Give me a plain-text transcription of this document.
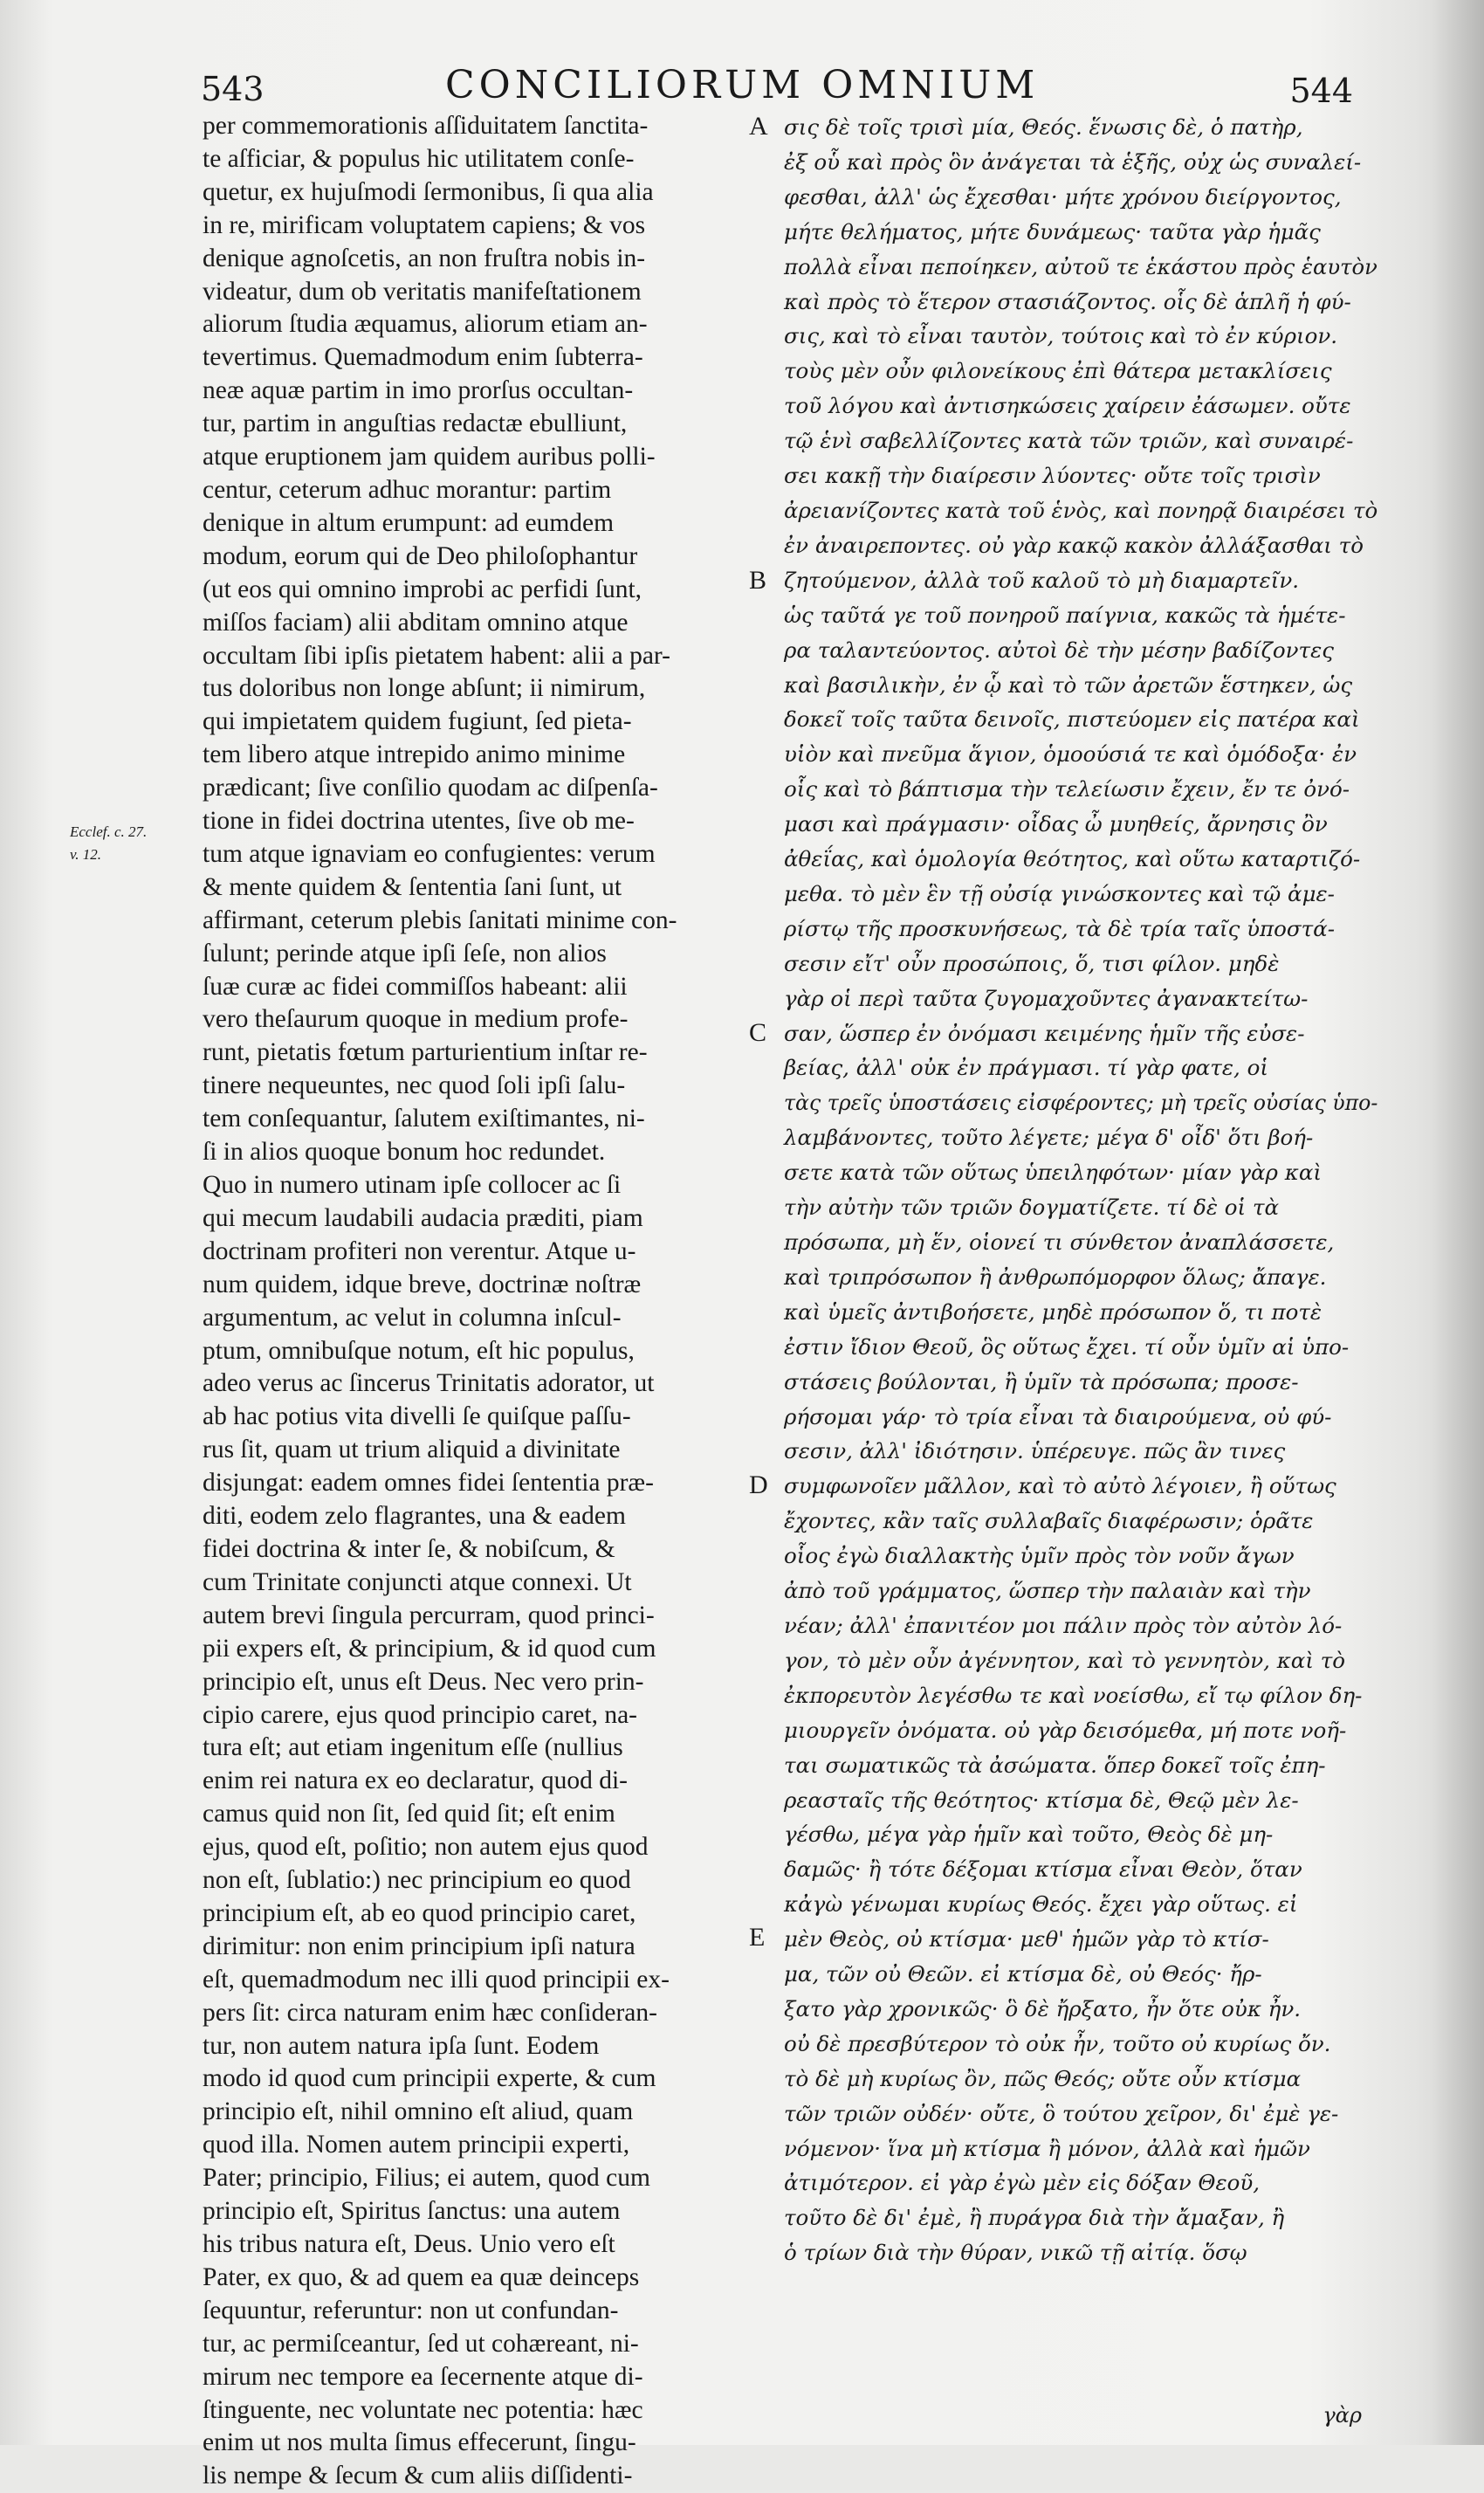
543	CONCILIORUM OMNIUM	544
Ecclef. c. 27.
v. 12.
per commemorationis aſſiduitatem ſanctita-
te aſficiar, & populus hic utilitatem conſe-
quetur, ex hujuſmodi ſermonibus, ſi qua alia
in re, mirificam voluptatem capiens; & vos
denique agnoſcetis, an non fruſtra nobis in-
videatur, dum ob veritatis manifeſtationem
aliorum ſtudia æquamus, aliorum etiam an-
tevertimus. Quemadmodum enim ſubterra-
neæ aquæ partim in imo prorſus occultan-
tur, partim in anguſtias redactæ ebulliunt,
atque eruptionem jam quidem auribus polli-
centur, ceterum adhuc morantur: partim
denique in altum erumpunt: ad eumdem
modum, eorum qui de Deo philoſophantur
(ut eos qui omnino improbi ac perfidi ſunt,
miſſos faciam) alii abditam omnino atque
occultam ſibi ipſis pietatem habent: alii a par-
tus doloribus non longe abſunt; ii nimirum,
qui impietatem quidem fugiunt, ſed pieta-
tem libero atque intrepido animo minime
prædicant; ſive conſilio quodam ac diſpenſa-
tione in fidei doctrina utentes, ſive ob me-
tum atque ignaviam eo confugientes: verum
& mente quidem & ſententia ſani ſunt, ut
affirmant, ceterum plebis ſanitati minime con-
ſulunt; perinde atque ipſi ſeſe, non alios
ſuæ curæ ac fidei commiſſos habeant: alii
vero theſaurum quoque in medium profe-
runt, pietatis fœtum parturientium inſtar re-
tinere nequeuntes, nec quod ſoli ipſi ſalu-
tem conſequantur, ſalutem exiſtimantes, ni-
ſi in alios quoque bonum hoc redundet.
Quo in numero utinam ipſe collocer ac ſi
qui mecum laudabili audacia præditi, piam
doctrinam profiteri non verentur. Atque u-
num quidem, idque breve, doctrinæ noſtræ
argumentum, ac velut in columna inſcul-
ptum, omnibuſque notum, eſt hic populus,
adeo verus ac ſincerus Trinitatis adorator, ut
ab hac potius vita divelli ſe quiſque paſſu-
rus ſit, quam ut trium aliquid a divinitate
disjungat: eadem omnes fidei ſententia præ-
diti, eodem zelo flagrantes, una & eadem
fidei doctrina & inter ſe, & nobiſcum, &
cum Trinitate conjuncti atque connexi. Ut
autem brevi ſingula percurram, quod princi-
pii expers eſt, & principium, & id quod cum
principio eſt, unus eſt Deus. Nec vero prin-
cipio carere, ejus quod principio caret, na-
tura eſt; aut etiam ingenitum eſſe (nullius
enim rei natura ex eo declaratur, quod di-
camus quid non ſit, ſed quid ſit; eſt enim
ejus, quod eſt, poſitio; non autem ejus quod
non eſt, ſublatio:) nec principium eo quod
principium eſt, ab eo quod principio caret,
dirimitur: non enim principium ipſi natura
eſt, quemadmodum nec illi quod principii ex-
pers ſit: circa naturam enim hæc conſideran-
tur, non autem natura ipſa ſunt. Eodem
modo id quod cum principii experte, & cum
principio eſt, nihil omnino eſt aliud, quam
quod illa. Nomen autem principii experti,
Pater; principio, Filius; ei autem, quod cum
principio eſt, Spiritus ſanctus: una autem
his tribus natura eſt, Deus. Unio vero eſt
Pater, ex quo, & ad quem ea quæ deinceps
ſequuntur, referuntur: non ut confundan-
tur, ac permiſceantur, ſed ut cohæreant, ni-
mirum nec tempore ea ſecernente atque di-
ſtinguente, nec voluntate nec potentia: hæc
enim ut nos multa ſimus effecerunt, ſingu-
lis nempe & ſecum & cum aliis diſſidenti-
σις δὲ τοῖς τρισὶ μία, Θεός. ἕνωσις δὲ, ὁ πατὴρ,
ἐξ οὗ καὶ πρὸς ὃν ἀνάγεται τὰ ἑξῆς, οὐχ ὡς συναλεί-
φεσθαι, ἀλλ' ὡς ἔχεσθαι· μήτε χρόνου διείργοντος,
μήτε θελήματος, μήτε δυνάμεως· ταῦτα γὰρ ἡμᾶς
πολλὰ εἶναι πεποίηκεν, αὐτοῦ τε ἑκάστου πρὸς ἑαυτὸν
καὶ πρὸς τὸ ἕτερον στασιάζοντος. οἷς δὲ ἁπλῆ ἡ φύ-
σις, καὶ τὸ εἶναι ταυτὸν, τούτοις καὶ τὸ ἐν κύριον.
τοὺς μὲν οὖν φιλονείκους ἐπὶ θάτερα μετακλίσεις
τοῦ λόγου καὶ ἀντισηκώσεις χαίρειν ἐάσωμεν. οὔτε
τῷ ἑνὶ σαβελλίζοντες κατὰ τῶν τριῶν, καὶ συναιρέ-
σει κακῇ τὴν διαίρεσιν λύοντες· οὔτε τοῖς τρισὶν
ἀρειανίζοντες κατὰ τοῦ ἑνὸς, καὶ πονηρᾷ διαιρέσει τὸ
ἐν ἀναιρεποντες. οὐ γὰρ κακῷ κακὸν ἀλλάξασθαι τὸ
ζητούμενον, ἀλλὰ τοῦ καλοῦ τὸ μὴ διαμαρτεῖν.
ὡς ταῦτά γε τοῦ πονηροῦ παίγνια, κακῶς τὰ ἡμέτε-
ρα ταλαντεύοντος. αὐτοὶ δὲ τὴν μέσην βαδίζοντες
καὶ βασιλικὴν, ἐν ᾧ καὶ τὸ τῶν ἀρετῶν ἕστηκεν, ὡς
δοκεῖ τοῖς ταῦτα δεινοῖς, πιστεύομεν εἰς πατέρα καὶ
υἱὸν καὶ πνεῦμα ἅγιον, ὁμοούσιά τε καὶ ὁμόδοξα· ἐν
οἷς καὶ τὸ βάπτισμα τὴν τελείωσιν ἔχειν, ἔν τε ὀνό-
μασι καὶ πράγμασιν· οἶδας ὦ μυηθείς, ἄρνησις ὂν
ἀθεΐας, καὶ ὁμολογία θεότητος, καὶ οὕτω καταρτιζό-
μεθα. τὸ μὲν ἓν τῇ οὐσίᾳ γινώσκοντες καὶ τῷ ἀμε-
ρίστῳ τῆς προσκυνήσεως, τὰ δὲ τρία ταῖς ὑποστά-
σεσιν εἴτ' οὖν προσώποις, ὅ, τισι φίλον. μηδὲ
γὰρ οἱ περὶ ταῦτα ζυγομαχοῦντες ἀγανακτείτω-
σαν, ὥσπερ ἐν ὀνόμασι κειμένης ἡμῖν τῆς εὐσε-
βείας, ἀλλ' οὐκ ἐν πράγμασι. τί γὰρ φατε, οἱ
τὰς τρεῖς ὑποστάσεις εἰσφέροντες; μὴ τρεῖς οὐσίας ὑπο-
λαμβάνοντες, τοῦτο λέγετε; μέγα δ' οἶδ' ὅτι βοή-
σετε κατὰ τῶν οὕτως ὑπειληφότων· μίαν γὰρ καὶ
τὴν αὐτὴν τῶν τριῶν δογματίζετε. τί δὲ οἱ τὰ
πρόσωπα, μὴ ἕν, οἱονεί τι σύνθετον ἀναπλάσσετε,
καὶ τριπρόσωπον ἢ ἀνθρωπόμορφον ὅλως; ἄπαγε.
καὶ ὑμεῖς ἀντιβοήσετε, μηδὲ πρόσωπον ὅ, τι ποτὲ
ἐστιν ἴδιον Θεοῦ, ὃς οὕτως ἔχει. τί οὖν ὑμῖν αἱ ὑπο-
στάσεις βούλονται, ἢ ὑμῖν τὰ πρόσωπα; προσε-
ρήσομαι γάρ· τὸ τρία εἶναι τὰ διαιρούμενα, οὐ φύ-
σεσιν, ἀλλ' ἰδιότησιν. ὑπέρευγε. πῶς ἂν τινες
συμφωνοῖεν μᾶλλον, καὶ τὸ αὐτὸ λέγοιεν, ἢ οὕτως
ἔχοντες, κἂν ταῖς συλλαβαῖς διαφέρωσιν; ὁρᾶτε
οἷος ἐγὼ διαλλακτὴς ὑμῖν πρὸς τὸν νοῦν ἄγων
ἀπὸ τοῦ γράμματος, ὥσπερ τὴν παλαιὰν καὶ τὴν
νέαν; ἀλλ' ἐπανιτέον μοι πάλιν πρὸς τὸν αὐτὸν λό-
γον, τὸ μὲν οὖν ἀγέννητον, καὶ τὸ γεννητὸν, καὶ τὸ
ἐκπορευτὸν λεγέσθω τε καὶ νοείσθω, εἴ τῳ φίλον δη-
μιουργεῖν ὀνόματα. οὐ γὰρ δεισόμεθα, μή ποτε νοῆ-
ται σωματικῶς τὰ ἀσώματα. ὅπερ δοκεῖ τοῖς ἐπη-
ρεασταῖς τῆς θεότητος· κτίσμα δὲ, Θεῷ μὲν λε-
γέσθω, μέγα γὰρ ἡμῖν καὶ τοῦτο, Θεὸς δὲ μη-
δαμῶς· ἢ τότε δέξομαι κτίσμα εἶναι Θεὸν, ὅταν
κἀγὼ γένωμαι κυρίως Θεός. ἔχει γὰρ οὕτως. εἰ
μὲν Θεὸς, οὐ κτίσμα· μεθ' ἡμῶν γὰρ τὸ κτίσ-
μα, τῶν οὐ Θεῶν. εἰ κτίσμα δὲ, οὐ Θεός· ἤρ-
ξατο γὰρ χρονικῶς· ὃ δὲ ἤρξατο, ἦν ὅτε οὐκ ἦν.
οὐ δὲ πρεσβύτερον τὸ οὐκ ἦν, τοῦτο οὐ κυρίως ὄν.
τὸ δὲ μὴ κυρίως ὂν, πῶς Θεός; οὔτε οὖν κτίσμα
τῶν τριῶν οὐδέν· οὔτε, ὃ τούτου χεῖρον, δι' ἐμὲ γε-
νόμενον· ἵνα μὴ κτίσμα ἢ μόνον, ἀλλὰ καὶ ἡμῶν
ἀτιμότερον. εἰ γὰρ ἐγὼ μὲν εἰς δόξαν Θεοῦ,
τοῦτο δὲ δι' ἐμὲ, ἢ πυράγρα διὰ τὴν ἄμαξαν, ἢ
ὁ τρίων διὰ τὴν θύραν, νικῶ τῇ αἰτίᾳ. ὅσῳ
A
B
C
D
E
γὰρ
